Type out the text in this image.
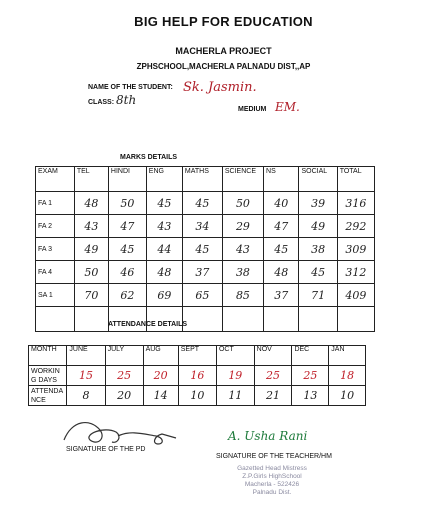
BIG HELP FOR EDUCATION
MACHERLA PROJECT
ZPHSCHOOL,MACHERLA PALNADU DIST,,AP
NAME OF THE STUDENT: Sk. Jasmin.
CLASS: 8th
MEDIUM EM.
MARKS DETAILS
EXAM	TEL	HINDI	ENG	MATHS	SCIENCE	NS	SOCIAL	TOTAL
FA 1	48	50	45	45	50	40	39	316
FA 2	43	47	43	34	29	47	49	292
FA 3	49	45	44	45	43	45	38	309
FA 4	50	46	48	37	38	48	45	312
SA 1	70	62	69	65	85	37	71	409

ATTENDANCE DETAILS
MONTH	JUNE	JULY	AUG	SEPT	OCT	NOV	DEC	JAN
WORKIN G DAYS	15	25	20	16	19	25	25	18
ATTENDA NCE	8	20	14	10	11	21	13	10
SIGNATURE OF THE PD
A. Usha Rani
SIGNATURE OF THE TEACHER/HM
Gazetted Head Mistress
Z.P.Girls HighSchool
Macherla - 522426
Palnadu Dist.
